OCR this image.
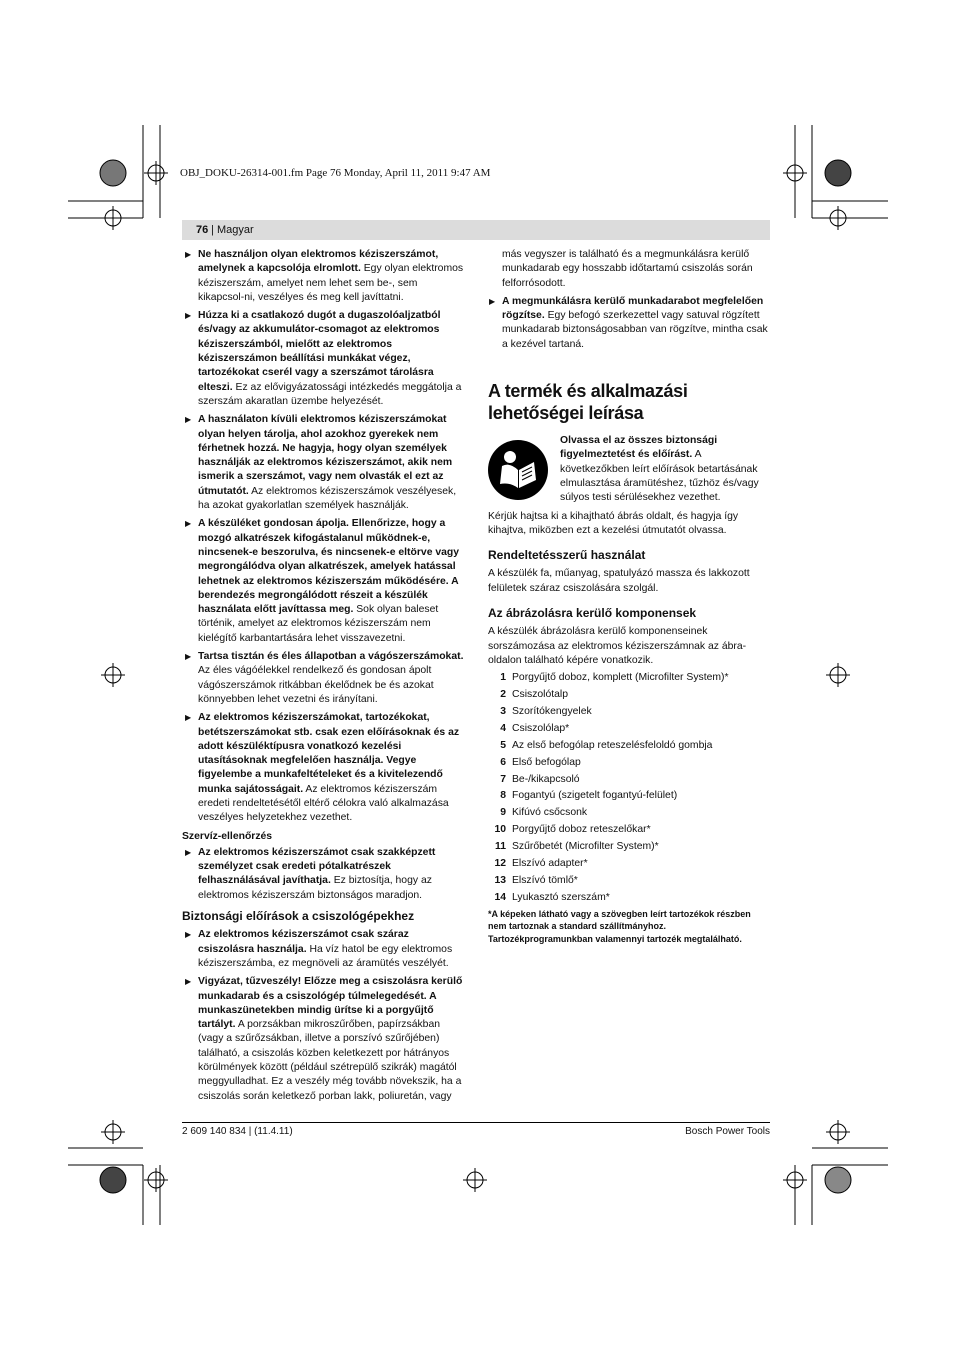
OBJ_DOKU-26314-001.fm Page 76 Monday, April 11, 2011 9:47 AM
76 | Magyar
▶ Ne használjon olyan elektromos kéziszerszámot, amelynek a kapcsolója elromlott. Egy olyan elektromos kéziszerszám, amelyet nem lehet sem be-, sem kikapcsol-ni, veszélyes és meg kell javíttatni.
▶ Húzza ki a csatlakozó dugót a dugaszolóaljzatból és/vagy az akkumulátor-csomagot az elektromos kéziszerszámból, mielőtt az elektromos kéziszerszámon beállítási munkákat végez, tartozékokat cserél vagy a szerszámot tárolásra elteszi. Ez az elővigyázatossági intézkedés meggátolja a szerszám akaratlan üzembe helyezését.
▶ A használaton kívüli elektromos kéziszerszámokat olyan helyen tárolja, ahol azokhoz gyerekek nem férhetnek hozzá. Ne hagyja, hogy olyan személyek használják az elektromos kéziszerszámot, akik nem ismerik a szerszámot, vagy nem olvasták el ezt az útmutatót. Az elektromos kéziszerszámok veszélyesek, ha azokat gyakorlatlan személyek használják.
▶ A készüléket gondosan ápolja. Ellenőrizze, hogy a mozgó alkatrészek kifogástalanul működnek-e, nincsenek-e beszorulva, és nincsenek-e eltörve vagy megrongálódva olyan alkatrészek, amelyek hatással lehetnek az elektromos kéziszerszám működésére. A berendezés megrongálódott részeit a készülék használata előtt javíttassa meg. Sok olyan baleset történik, amelyet az elektromos kéziszerszám nem kielégítő karbantartására lehet visszavezetni.
▶ Tartsa tisztán és éles állapotban a vágószerszámokat. Az éles vágóélekkel rendelkező és gondosan ápolt vágószerszámok ritkábban ékelődnek be és azokat könnyebben lehet vezetni és irányítani.
▶ Az elektromos kéziszerszámokat, tartozékokat, betétszerszámokat stb. csak ezen előírásoknak és az adott készüléktípusra vonatkozó kezelési utasításoknak megfelelően használja. Vegye figyelembe a munkafeltételeket és a kivitelezendő munka sajátosságait. Az elektromos kéziszerszám eredeti rendeltetésétől eltérő célokra való alkalmazása veszélyes helyzetekhez vezethet.
Szervíz-ellenőrzés
▶ Az elektromos kéziszerszámot csak szakképzett személyzet csak eredeti pótalkatrészek felhasználásával javíthatja. Ez biztosítja, hogy az elektromos kéziszerszám biztonságos maradjon.
Biztonsági előírások a csiszológépekhez
▶ Az elektromos kéziszerszámot csak száraz csiszolásra használja. Ha víz hatol be egy elektromos kéziszerszámba, ez megnöveli az áramütés veszélyét.
▶ Vigyázat, tűzveszély! Előzze meg a csiszolásra kerülő munkadarab és a csiszológép túlmelegedését. A munkaszünetekben mindig ürítse ki a porgyűjtő tartályt. A porzsákban mikroszűrőben, papírzsákban (vagy a szűrőzsákban, illetve a porszívó szűrőjében) található, a csiszolás közben keletkezett por hátrányos körülmények között (például szétrepülő szikrák) magától meggyulladhat. Ez a veszély még tovább növekszik, ha a csiszolás során keletkező porban lakk, poliuretán, vagy

más vegyszer is található és a megmunkálásra kerülő munkadarab egy hosszabb időtartamú csiszolás során felforrósodott.

▶ A megmunkálásra kerülő munkadarabot megfelelően rögzítse. Egy befogó szerkezettel vagy satuval rögzített munkadarab biztonságosabban van rögzítve, mintha csak a kezével tartaná.
A termék és alkalmazási lehetőségei leírása
Olvassa el az összes biztonsági figyelmeztetést és előírást. A következőkben leírt előírások betartásának elmulasztása áramütéshez, tűzhöz és/vagy súlyos testi sérülésekhez vezethet.

Kérjük hajtsa ki a kihajtható ábrás oldalt, és hagyja így kihajtva, miközben ezt a kezelési útmutatót olvassa.

Rendeltetésszerű használat

A készülék fa, műanyag, spatulyázó massza és lakkozott felületek száraz csiszolására szolgál.

Az ábrázolásra kerülő komponensek

A készülék ábrázolásra kerülő komponenseinek sorszámozása az elektromos kéziszerszámnak az ábra-oldalon található képére vonatkozik.

1 Porgyűjtő doboz, komplett (Microfilter System)*
2 Csiszolótalp
3 Szorítókengyelek
4 Csiszolólap*
5 Az első befogólap reteszelésfeloldó gombja
6 Első befogólap
7 Be-/kikapcsoló
8 Fogantyú (szigetelt fogantyú-felület)
9 Kifúvó csőcsonk
10 Porgyűjtő doboz reteszelőkar*
11 Szűrőbetét (Microfilter System)*
12 Elszívó adapter*
13 Elszívó tömlő*
14 Lyukasztó szerszám*
*A képeken látható vagy a szövegben leírt tartozékok részben nem tartoznak a standard szállítmányhoz. Tartozékprogramunkban valamennyi tartozék megtalálható.
2 609 140 834 | (11.4.11)	Bosch Power Tools
